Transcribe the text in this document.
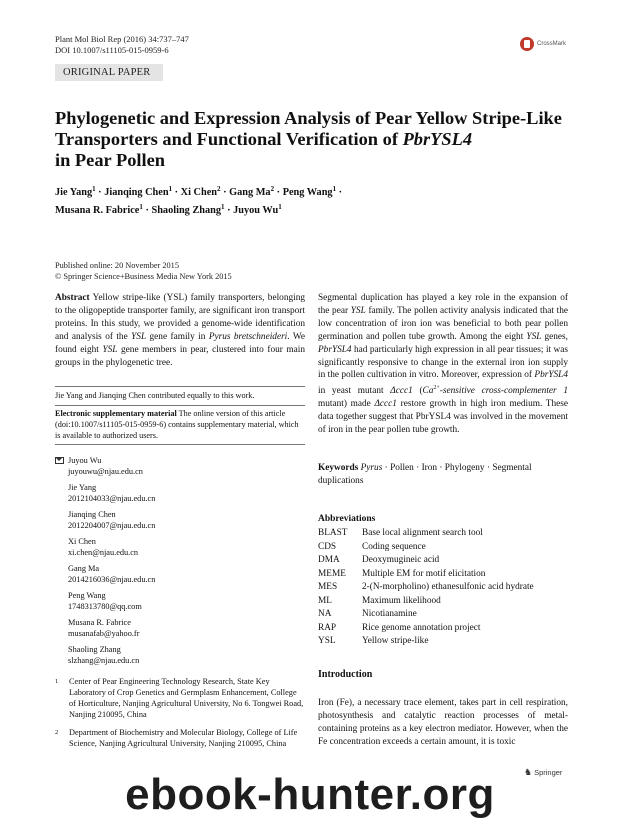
Plant Mol Biol Rep (2016) 34:737–747
DOI 10.1007/s11105-015-0959-6
CrossMark
ORIGINAL PAPER
Phylogenetic and Expression Analysis of Pear Yellow Stripe-Like
Transporters and Functional Verification of PbrYSL4
in Pear Pollen
Jie Yang$^1$ · Jianqing Chen$^1$ · Xi Chen$^2$ · Gang $Ma^2$ · Peng Wang$^1$ ·
Musana R. Fabrice$^1$ · Shaoling Zhang$^1$ · Juyou Wu$^1$
Published online: 20 November 2015
© Springer Science+Business Media New York 2015
Abstract Yellow stripe-like (YSL) family transporters, belonging to the oligopeptide transporter family, are significant iron transport proteins. In this study, we provided a genome-wide identification and analysis of the YSL gene family in Pyrus bretschneideri. We found eight YSL gene members in pear, clustered into four main groups in the phylogenetic tree.
Jie Yang and Jianqing Chen contributed equally to this work.
Electronic supplementary material The online version of this article (doi:10.1007/s11105-015-0959-6) contains supplementary material, which is available to authorized users.
Juyou Wu
juyouwu@njau.edu.cn
Jie Yang
2012104033@njau.edu.cn
Jianqing Chen
2012204007@njau.edu.cn
Xi Chen
xi.chen@njau.edu.cn
Gang Ma
2014216036@njau.edu.cn
Peng Wang
1748313780@qq.com
Musana R. Fabrice
musanafab@yahoo.fr
Shaoling Zhang
slzhang@njau.edu.cn
1 Center of Pear Engineering Technology Research, State Key Laboratory of Crop Genetics and Germplasm Enhancement, College of Horticulture, Nanjing Agricultural University, No 6. Tongwei Road, Nanjing 210095, China
2 Department of Biochemistry and Molecular Biology, College of Life Science, Nanjing Agricultural University, Nanjing 210095, China
Segmental duplication has played a key role in the expansion of the pear YSL family. The pollen activity analysis indicated that the low concentration of iron ion was beneficial to both pear pollen germination and pollen tube growth. Among the eight YSL genes, PbrYSL4 had particularly high expression in all pear tissues; it was significantly responsive to change in the external iron ion supply in the pollen cultivation in vitro. Moreover, expression of PbrYSL4 in yeast mutant Δccc1 ($Ca^{2+}$-sensitive cross-complementer 1 mutant) made Δccc1 restore growth in high iron medium. These data together suggest that PbrYSL4 was involved in the movement of iron in the pear pollen tube growth.
Keywords Pyrus · Pollen · Iron · Phylogeny · Segmental duplications
Abbreviations
BLAST	Base local alignment search tool
CDS	Coding sequence
DMA	Deoxymugineic acid
MEME	Multiple EM for motif elicitation
MES	2-(N-morpholino) ethanesulfonic acid hydrate
ML	Maximum likelihood
NA	Nicotianamine
RAP	Rice genome annotation project
YSL	Yellow stripe-like
Introduction
Iron (Fe), a necessary trace element, takes part in cell respiration, photosynthesis and catalytic reaction processes of metal-containing proteins as a key electron mediator. However, when the Fe concentration exceeds a certain amount, it is toxic
♞ Springer
ebook-hunter.org
